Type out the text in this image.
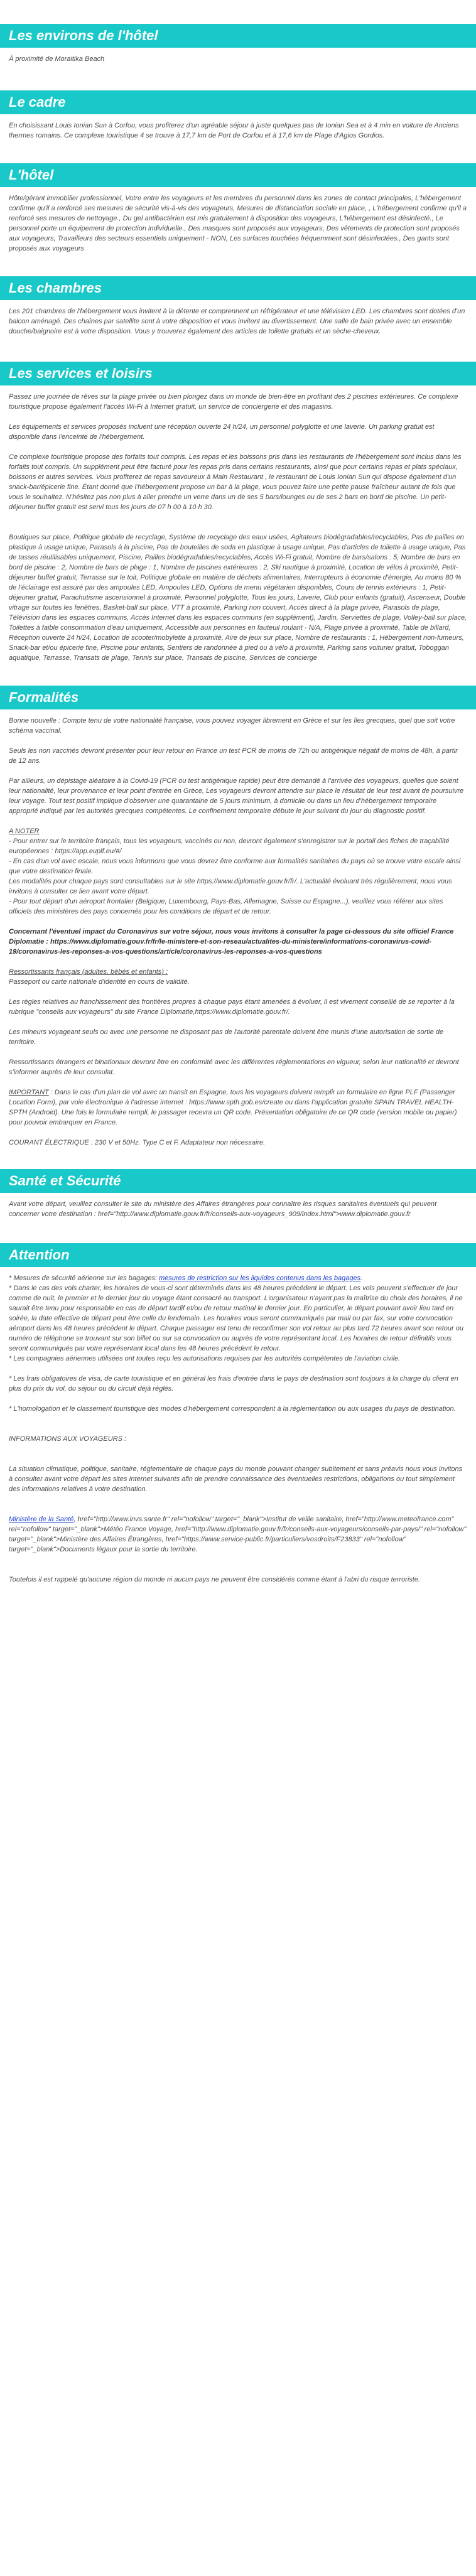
Les environs de l'hôtel

À proximité de Moraitika Beach

Le cadre

En choisissant Louis Ionian Sun à Corfou, vous profiterez d'un agréable séjour à juste quelques pas de Ionian Sea et à 4 min en voiture de Anciens thermes romains. Ce complexe touristique 4 se trouve à 17,7 km de Port de Corfou et à 17,6 km de Plage d'Agios Gordios.

L'hôtel

Hôte/gérant immobilier professionnel, Votre entre les voyageurs et les membres du personnel dans les zones de contact principales, L'hébergement confirme qu'il a renforcé ses mesures de sécurité vis-à-vis des voyageurs, Mesures de distanciation sociale en place, , L'hébergement confirme qu'il a renforcé ses mesures de nettoyage., Du gel antibactérien est mis gratuitement à disposition des voyageurs, L'hébergement est désinfecté., Le personnel porte un équipement de protection individuelle., Des masques sont proposés aux voyageurs, Des vêtements de protection sont proposés aux voyageurs, Travailleurs des secteurs essentiels uniquement - NON, Les surfaces touchées fréquemment sont désinfectées., Des gants sont proposés aux voyageurs

Les chambres

Les 201 chambres de l'hébergement vous invitent à la détente et comprennent un réfrigérateur et une télévision LED. Les chambres sont dotées d'un balcon aménagé. Des chaînes par satellite sont à votre disposition et vous invitent au divertissement. Une salle de bain privée avec un ensemble douche/baignoire est à votre disposition. Vous y trouverez également des articles de toilette gratuits et un sèche-cheveux.

Les services et loisirs

Passez une journée de rêves sur la plage privée ou bien plongez dans un monde de bien-être en profitant des 2 piscines extérieures. Ce complexe touristique propose également l'accès Wi-Fi à Internet gratuit, un service de conciergerie et des magasins.

Les équipements et services proposés incluent une réception ouverte 24 h/24, un personnel polyglotte et une laverie. Un parking gratuit est disponible dans l'enceinte de l'hébergement.

Ce complexe touristique propose des forfaits tout compris. Les repas et les boissons pris dans les restaurants de l'hébergement sont inclus dans les forfaits tout compris. Un supplément peut être facturé pour les repas pris dans certains restaurants, ainsi que pour certains repas et plats spéciaux, boissons et autres services. Vous profiterez de repas savoureux à Main Restaurant , le restaurant de Louis Ionian Sun qui dispose également d'un snack-bar/épicerie fine. Étant donné que l'hébergement propose un bar à la plage, vous pouvez faire une petite pause fraîcheur autant de fois que vous le souhaitez. N'hésitez pas non plus à aller prendre un verre dans un de ses 5 bars/lounges ou de ses 2 bars en bord de piscine. Un petit-déjeuner buffet gratuit est servi tous les jours de 07 h 00 à 10 h 30.

Boutiques sur place, Politique globale de recyclage, Système de recyclage des eaux usées, Agitateurs biodégradables/recyclables, Pas de pailles en plastique à usage unique, Parasols à la piscine, Pas de bouteilles de soda en plastique à usage unique, Pas d'articles de toilette à usage unique, Pas de tasses réutilisables uniquement, Piscine, Pailles biodégradables/recyclables, Accès Wi-Fi gratuit, Nombre de bars/salons : 5, Nombre de bars en bord de piscine : 2, Nombre de bars de plage : 1, Nombre de piscines extérieures : 2, Ski nautique à proximité, Location de vélos à proximité, Petit-déjeuner buffet gratuit, Terrasse sur le toit, Politique globale en matière de déchets alimentaires, Interrupteurs à économie d'énergie, Au moins 80 % de l'éclairage est assuré par des ampoules LED, Ampoules LED, Options de menu végétarien disponibles, Cours de tennis extérieurs : 1, Petit-déjeuner gratuit, Parachutisme ascensionnel à proximité, Personnel polyglotte, Tous les jours, Laverie, Club pour enfants (gratuit), Ascenseur, Double vitrage sur toutes les fenêtres, Basket-ball sur place, VTT à proximité, Parking non couvert, Accès direct à la plage privée, Parasols de plage, Télévision dans les espaces communs, Accès Internet dans les espaces communs (en supplément), Jardin, Serviettes de plage, Volley-ball sur place, Toilettes à faible consommation d'eau uniquement, Accessible aux personnes en fauteuil roulant - N/A, Plage privée à proximité, Table de billard, Réception ouverte 24 h/24, Location de scooter/mobylette à proximité, Aire de jeux sur place, Nombre de restaurants : 1, Hébergement non-fumeurs, Snack-bar et/ou épicerie fine, Piscine pour enfants, Sentiers de randonnée à pied ou à vélo à proximité, Parking sans voiturier gratuit, Toboggan aquatique, Terrasse, Transats de plage, Tennis sur place, Transats de piscine, Services de concierge

Formalités

Bonne nouvelle : Compte tenu de votre nationalité française, vous pouvez voyager librement en Grèce et sur les îles grecques, quel que soit votre schéma vaccinal.

Seuls les non vaccinés devront présenter pour leur retour en France un test PCR de moins de 72h ou antigénique négatif de moins de 48h, à partir de 12 ans.

Par ailleurs, un dépistage aléatoire à la Covid-19 (PCR ou test antigénique rapide) peut être demandé à l'arrivée des voyageurs, quelles que soient leur nationalité, leur provenance et leur point d'entrée en Grèce, Les voyageurs devront attendre sur place le résultat de leur test avant de poursuivre leur voyage. Tout test positif implique d'observer une quarantaine de 5 jours minimum, à domicile ou dans un lieu d'hébergement temporaire approprié indiqué par les autorités grecques compétentes. Le confinement temporaire débute le jour suivant du jour du diagnostic positif.

A NOTER

- Pour entrer sur le territoire français, tous les voyageurs, vaccinés ou non, devront également s'enregistrer sur le portail des fiches de traçabilité européennes : https://app.euplf.eu/#/

- En cas d'un vol avec escale, nous vous informons que vous devrez être conforme aux formalités sanitaires du pays où se trouve votre escale ainsi que votre destination finale.

Les modalités pour chaque pays sont consultables sur le site https://www.diplomatie.gouv.fr/fr/. L'actualité évoluant très régulièrement, nous vous invitons à consulter ce lien avant votre départ.

- Pour tout départ d'un aéroport frontalier (Belgique, Luxembourg, Pays-Bas, Allemagne, Suisse ou Espagne...), veuillez vous référer aux sites officiels des ministères des pays concernés pour les conditions de départ et de retour.

Concernant l'éventuel impact du Coronavirus sur votre séjour, nous vous invitons à consulter la page ci-dessous du site officiel France Diplomatie : https://www.diplomatie.gouv.fr/fr/le-ministere-et-son-reseau/actualites-du-ministere/informations-coronavirus-covid-19/coronavirus-les-reponses-a-vos-questions/article/coronavirus-les-reponses-a-vos-questions

Ressortissants français (adultes, bébés et enfants) :

Passeport ou carte nationale d'identité en cours de validité.

Les règles relatives au franchissement des frontières propres à chaque pays étant amenées à évoluer, il est vivement conseillé de se reporter à la rubrique "conseils aux voyageurs" du site France Diplomatie,https://www.diplomatie.gouv.fr/.

Les mineurs voyageant seuls ou avec une personne ne disposant pas de l'autorité parentale doivent être munis d'une autorisation de sortie de territoire.

Ressortissants étrangers et binationaux devront être en conformité avec les différentes réglementations en vigueur, selon leur nationalité et devront s'informer auprès de leur consulat.

IMPORTANT : Dans le cas d'un plan de vol avec un transit en Espagne, tous les voyageurs doivent remplir un formulaire en ligne PLF (Passenger Location Form), par voie électronique à l'adresse internet : https://www.spth.gob.es/create ou dans l'application gratuite SPAIN TRAVEL HEALTH-SPTH (Android). Une fois le formulaire rempli, le passager recevra un QR code. Présentation obligatoire de ce QR code (version mobile ou papier) pour pouvoir embarquer en France.

COURANT ÉLECTRIQUE : 230 V et 50Hz. Type C et F. Adaptateur non nécessaire.

Santé et Sécurité

Avant votre départ, veuillez consulter le site du ministère des Affaires étrangères pour connaître les risques sanitaires éventuels qui peuvent concerner votre destination : href="http://www.diplomatie.gouv.fr/fr/conseils-aux-voyageurs_909/index.html">www.diplomatie.gouv.fr

Attention

* Mesures de sécurité aérienne sur les bagages: mesures de restriction sur les liquides contenus dans les bagages.

* Dans le cas des vols charter, les horaires de vous-ci sont déterminés dans les 48 heures précédent le départ. Les vols peuvent s'effectuer de jour comme de nuit, le premier et le dernier jour du voyage étant consacré au transport. L'organisateur n'ayant pas la maîtrise du choix des horaires, il ne saurait être tenu pour responsable en cas de départ tardif et/ou de retour matinal le dernier jour. En particulier, le départ pouvant avoir lieu tard en soirée, la date effective de départ peut être celle du lendemain. Les horaires vous seront communiqués par mail ou par fax, sur votre convocation aéroport dans les 48 heures précédent le départ. Chaque passager est tenu de reconfirmer son vol retour au plus tard 72 heures avant son retour ou numéro de téléphone se trouvant sur son billet ou sur sa convocation ou auprès de votre représentant local. Les horaires de retour définitifs vous seront communiqués par votre représentant local dans les 48 heures précédent le retour.

* Les compagnies aériennes utilisées ont toutes reçu les autorisations requises par les autorités compétentes de l'aviation civile.

* Les frais obligatoires de visa, de carte touristique et en général les frais d'entrée dans le pays de destination sont toujours à la charge du client en plus du prix du vol, du séjour ou du circuit déjà réglés.

* L'homologation et le classement touristique des modes d'hébergement correspondent à la réglementation ou aux usages du pays de destination.

INFORMATIONS AUX VOYAGEURS :

La situation climatique, politique, sanitaire, réglementaire de chaque pays du monde pouvant changer subitement et sans préavis nous vous invitons à consulter avant votre départ les sites Internet suivants afin de prendre connaissance des éventuelles restrictions, obligations ou tout simplement des informations relatives à votre destination.

Ministère de la Santé, href="http://www.invs.sante.fr" rel="nofollow" target="_blank">Institut de veille sanitaire, href="http://www.meteofrance.com" rel="nofollow" target="_blank">Météo France Voyage, href="http://www.diplomatie.gouv.fr/fr/conseils-aux-voyageurs/conseils-par-pays/" rel="nofollow" target="_blank">Ministère des Affaires Étrangères, href="https://www.service-public.fr/particuliers/vosdroits/F23833" rel="nofollow" target="_blank">Documents légaux pour la sortie du territoire.

Toutefois il est rappelé qu'aucune région du monde ni aucun pays ne peuvent être considérés comme étant à l'abri du risque terroriste.
